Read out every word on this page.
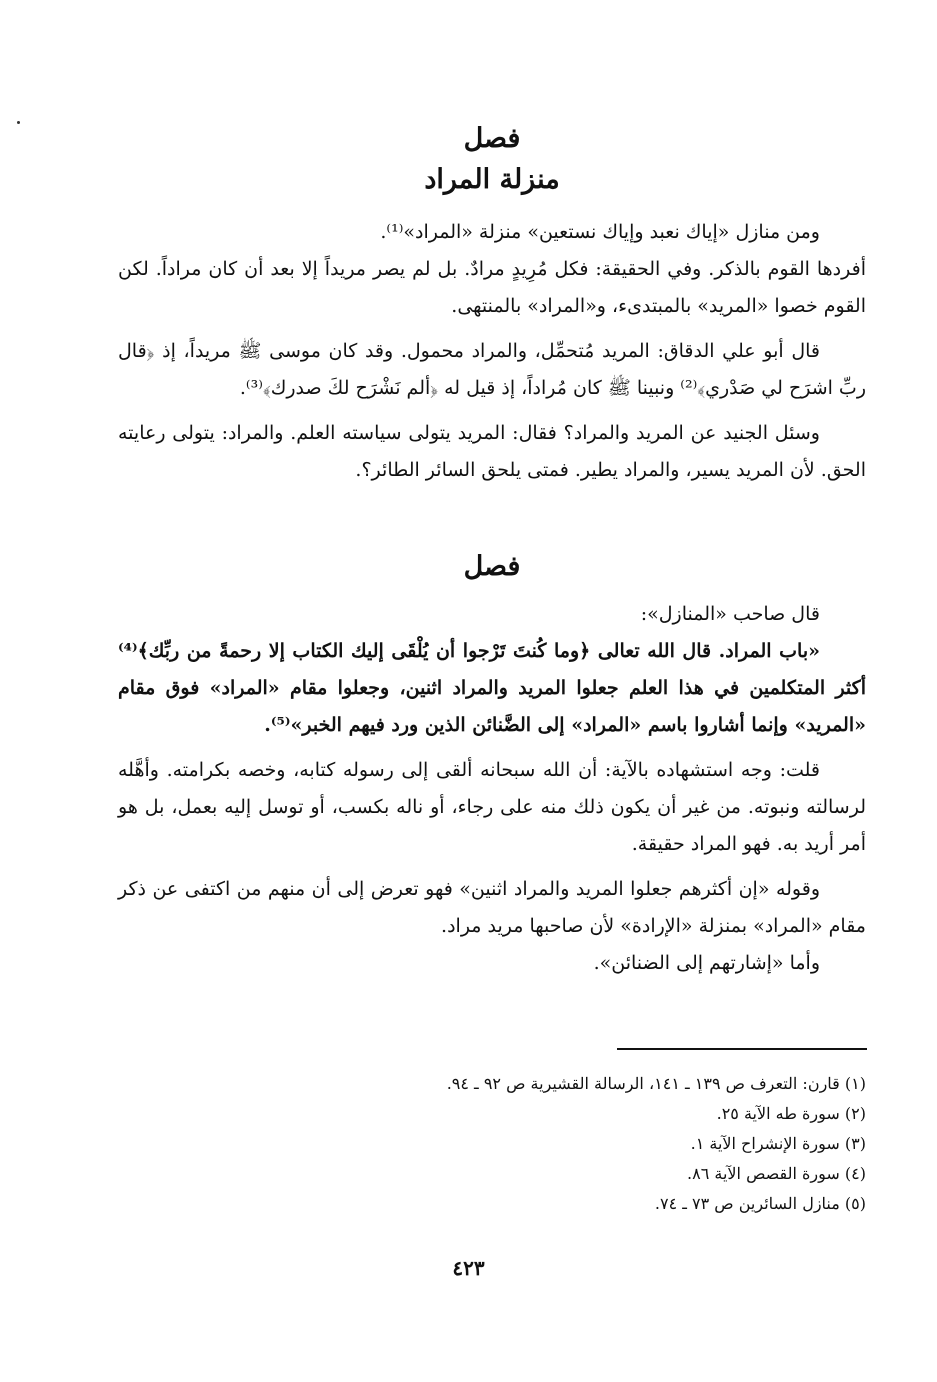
فصل
منزلة المراد

ومن منازل «إياك نعبد وإياك نستعين» منزلة «المراد»⁽¹⁾.

أفردها القوم بالذكر. وفي الحقيقة: فكل مُرِيدٍ مرادٌ. بل لم يصر مريداً إلا بعد أن كان مراداً. لكن القوم خصوا «المريد» بالمبتدىء، و«المراد» بالمنتهى.

قال أبو علي الدقاق: المريد مُتحمِّل، والمراد محمول. وقد كان موسى ﷺ مريداً، إذ ﴿قال ربِّ اشرَح لي صَدْري﴾⁽²⁾ ونبينا ﷺ كان مُراداً، إذ قيل له ﴿ألم نَشْرَح لكَ صدرك﴾⁽³⁾.

وسئل الجنيد عن المريد والمراد؟ فقال: المريد يتولى سياسته العلم. والمراد: يتولى رعايته الحق. لأن المريد يسير، والمراد يطير. فمتى يلحق السائر الطائر؟.

فصل

قال صاحب «المنازل»:

«باب المراد. قال الله تعالى ﴿وما كُنتَ تَرْجوا أن يُلْقَى إليك الكتاب إلا رحمةً من ربِّك﴾⁽⁴⁾ أكثر المتكلمين في هذا العلم جعلوا المريد والمراد اثنين، وجعلوا مقام «المراد» فوق مقام «المريد» وإنما أشاروا باسم «المراد» إلى الضَّنائن الذين ورد فيهم الخبر»⁽⁵⁾.

قلت: وجه استشهاده بالآية: أن الله سبحانه ألقى إلى رسوله كتابه، وخصه بكرامته. وأهَّله لرسالته ونبوته. من غير أن يكون ذلك منه على رجاء، أو ناله بكسب، أو توسل إليه بعمل، بل هو أمر أريد به. فهو المراد حقيقة.

وقوله «إن أكثرهم جعلوا المريد والمراد اثنين» فهو تعرض إلى أن منهم من اكتفى عن ذكر مقام «المراد» بمنزلة «الإرادة» لأن صاحبها مريد مراد.

وأما «إشارتهم إلى الضنائن».

(١) قارن: التعرف ص ١٣٩ ـ ١٤١، الرسالة القشيرية ص ٩٢ ـ ٩٤.
(٢) سورة طه الآية ٢٥.
(٣) سورة الإنشراح الآية ١.
(٤) سورة القصص الآية ٨٦.
(٥) منازل السائرين ص ٧٣ ـ ٧٤.
٤٢٣
